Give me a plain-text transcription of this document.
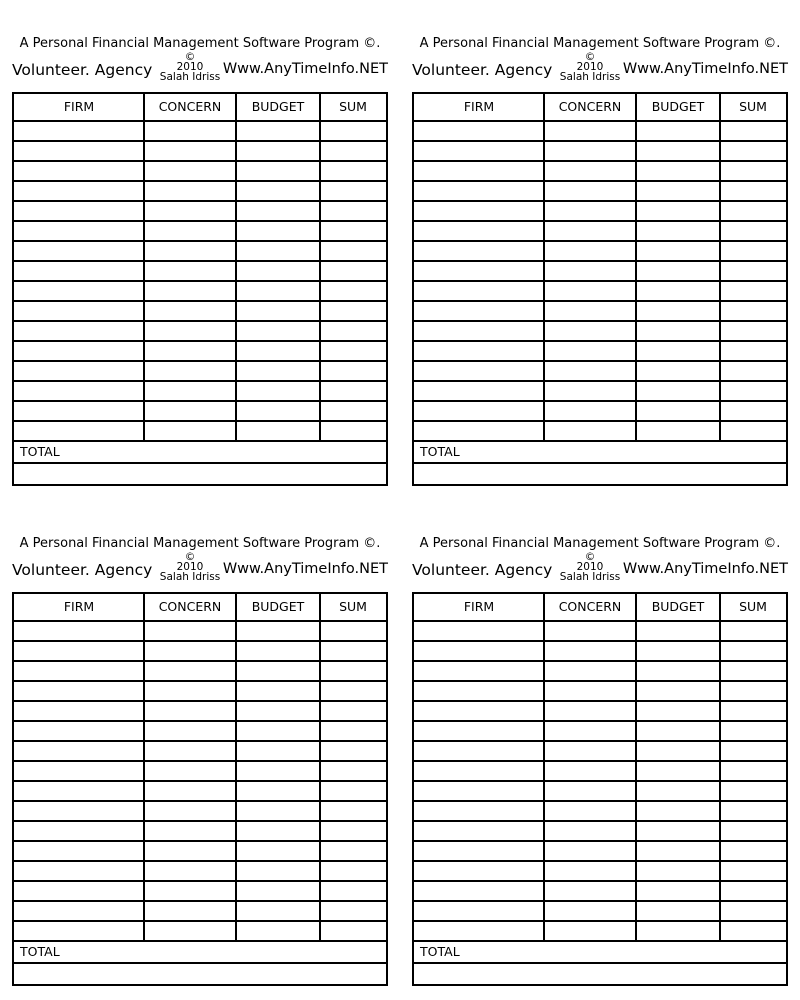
A Personal Financial Management Software Program ©.
Volunteer. Agency
©
2010
Salah Idriss Www.AnyTimeInfo.NET
FIRM	CONCERN	BUDGET	SUM
TOTAL
A Personal Financial Management Software Program ©.
Volunteer. Agency
©
2010
Salah Idriss Www.AnyTimeInfo.NET
FIRM	CONCERN	BUDGET	SUM
TOTAL
A Personal Financial Management Software Program ©.
Volunteer. Agency
©
2010
Salah Idriss Www.AnyTimeInfo.NET
FIRM	CONCERN	BUDGET	SUM
TOTAL
A Personal Financial Management Software Program ©.
Volunteer. Agency
©
2010
Salah Idriss Www.AnyTimeInfo.NET
FIRM	CONCERN	BUDGET	SUM
TOTAL
